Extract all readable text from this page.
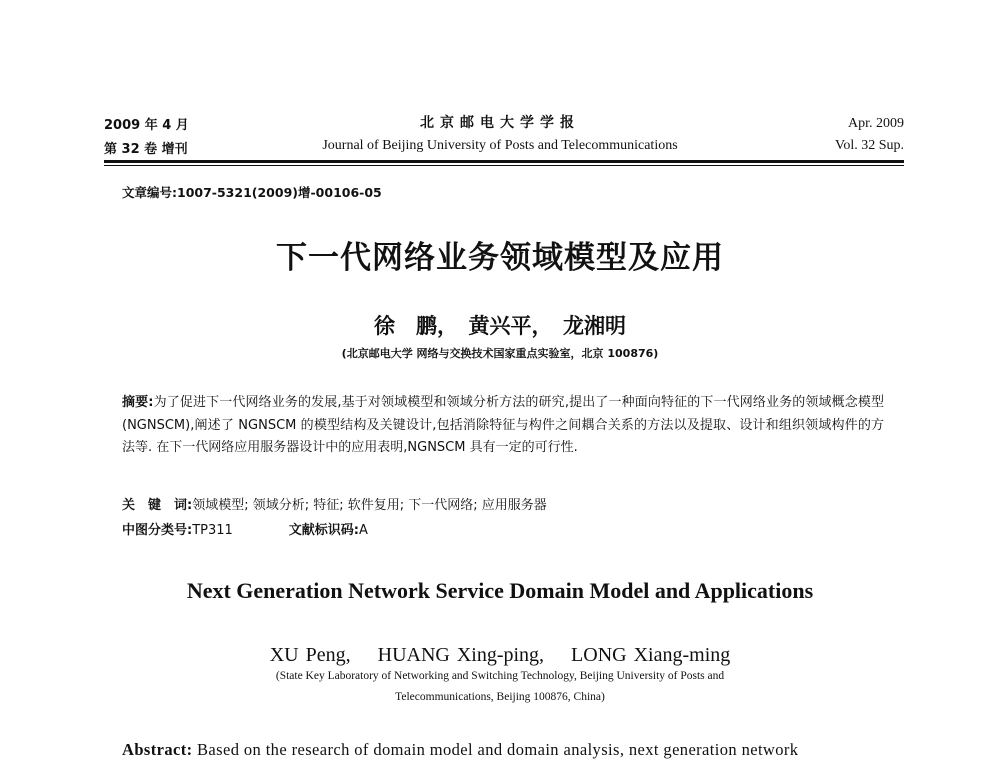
2009 年 4 月
第 32 卷 增刊
北京邮电大学学报
Journal of Beijing University of Posts and Telecommunications
Apr. 2009
Vol. 32 Sup.
文章编号:1007-5321(2009)增-00106-05
下一代网络业务领域模型及应用
徐　鹏，　黄兴平，　龙湘明
(北京邮电大学 网络与交换技术国家重点实验室，北京 100876)
摘要:为了促进下一代网络业务的发展,基于对领域模型和领域分析方法的研究,提出了一种面向特征的下一代网络业务的领域概念模型(NGNSCM),阐述了 NGNSCM 的模型结构及关键设计,包括消除特征与构件之间耦合关系的方法以及提取、设计和组织领域构件的方法等. 在下一代网络应用服务器设计中的应用表明,NGNSCM 具有一定的可行性.
关　键　词:领域模型; 领域分析; 特征; 软件复用; 下一代网络; 应用服务器
中图分类号:TP311	文献标识码:A
Next Generation Network Service Domain Model and Applications
XU Peng,　 HUANG Xing-ping,　 LONG Xiang-ming
(State Key Laboratory of Networking and Switching Technology, Beijing University of Posts and
Telecommunications, Beijing 100876, China)
Abstract: Based on the research of domain model and domain analysis, next generation network
